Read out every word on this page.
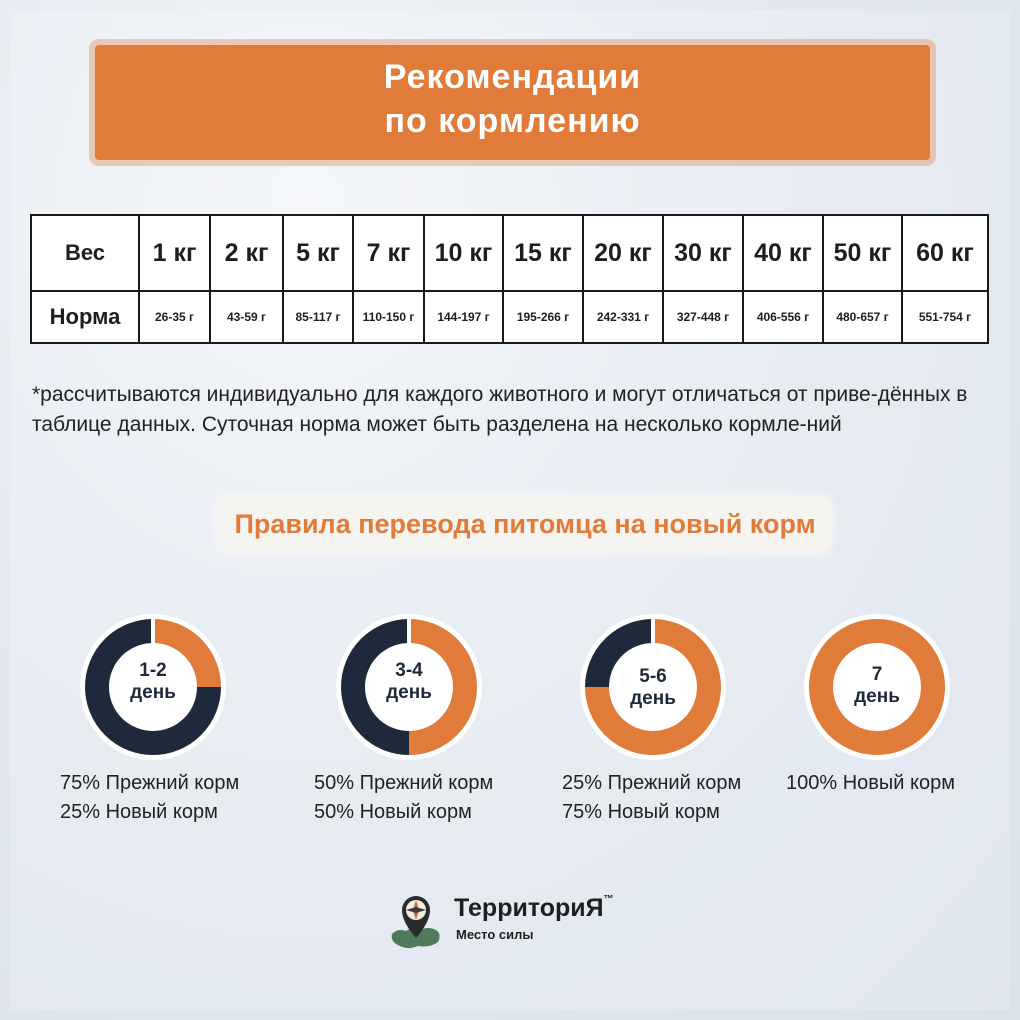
Рекомендации
по кормлению
Вес	1 кг	2 кг	5 кг	7 кг	10 кг	15 кг	20 кг	30 кг	40 кг	50 кг	60 кг
Норма	26-35 г	43-59 г	85-117 г	110-150 г	144-197 г	195-266 г	242-331 г	327-448 г	406-556 г	480-657 г	551-754 г
*рассчитываются индивидуально для каждого животного и могут отличаться от приве-дённых в таблице данных. Суточная норма может быть разделена на несколько кормле-ний
Правила перевода питомца на новый корм
1-2
день
75% Прежний корм
25% Новый корм
3-4
день
50% Прежний корм
50% Новый корм
5-6
день
25% Прежний корм
75% Новый корм
7
день
100% Новый корм
ТерриториЯ™
Место силы
